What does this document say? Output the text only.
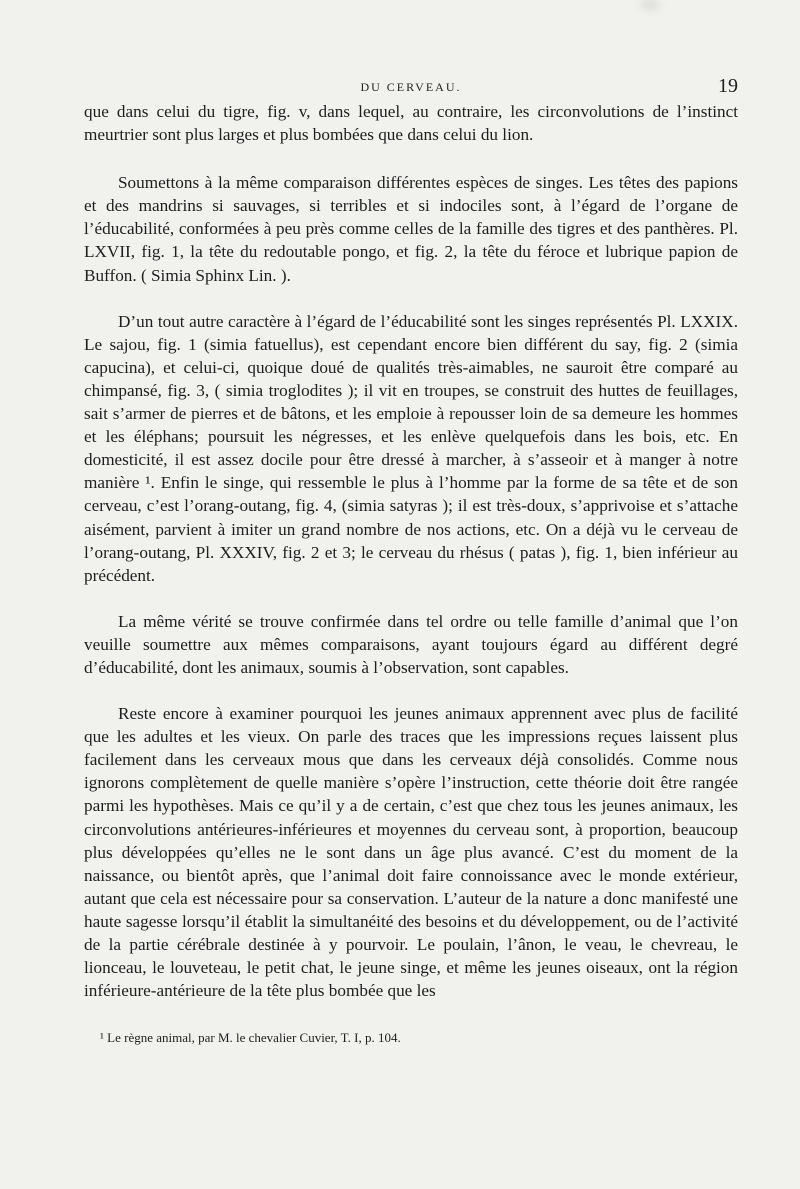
DU CERVEAU.	19

que dans celui du tigre, fig. v, dans lequel, au contraire, les circonvolutions de l’instinct meurtrier sont plus larges et plus bombées que dans celui du lion.

Soumettons à la même comparaison différentes espèces de singes. Les têtes des papions et des mandrins si sauvages, si terribles et si indociles sont, à l’égard de l’organe de l’éducabilité, conformées à peu près comme celles de la famille des tigres et des panthères. Pl. LXVII, fig. 1, la tête du redoutable pongo, et fig. 2, la tête du féroce et lubrique papion de Buffon. ( Simia Sphinx Lin. ).

D’un tout autre caractère à l’égard de l’éducabilité sont les singes représentés Pl. LXXIX. Le sajou, fig. 1 (simia fatuellus), est cependant encore bien différent du say, fig. 2 (simia capucina), et celui-ci, quoique doué de qualités très-aimables, ne sauroit être comparé au chimpansé, fig. 3, ( simia troglodites ); il vit en troupes, se construit des huttes de feuillages, sait s’armer de pierres et de bâtons, et les emploie à repousser loin de sa demeure les hommes et les éléphans; poursuit les négresses, et les enlève quelquefois dans les bois, etc. En domesticité, il est assez docile pour être dressé à marcher, à s’asseoir et à manger à notre manière ¹. Enfin le singe, qui ressemble le plus à l’homme par la forme de sa tête et de son cerveau, c’est l’orang-outang, fig. 4, (simia satyras ); il est très-doux, s’apprivoise et s’attache aisément, parvient à imiter un grand nombre de nos actions, etc. On a déjà vu le cerveau de l’orang-outang, Pl. XXXIV, fig. 2 et 3; le cerveau du rhésus ( patas ), fig. 1, bien inférieur au précédent.

La même vérité se trouve confirmée dans tel ordre ou telle famille d’animal que l’on veuille soumettre aux mêmes comparaisons, ayant toujours égard au différent degré d’éducabilité, dont les animaux, soumis à l’observation, sont capables.

Reste encore à examiner pourquoi les jeunes animaux apprennent avec plus de facilité que les adultes et les vieux. On parle des traces que les impressions reçues laissent plus facilement dans les cerveaux mous que dans les cerveaux déjà consolidés. Comme nous ignorons complètement de quelle manière s’opère l’instruction, cette théorie doit être rangée parmi les hypothèses. Mais ce qu’il y a de certain, c’est que chez tous les jeunes animaux, les circonvolutions antérieures-inférieures et moyennes du cerveau sont, à proportion, beaucoup plus développées qu’elles ne le sont dans un âge plus avancé. C’est du moment de la naissance, ou bientôt après, que l’animal doit faire connoissance avec le monde extérieur, autant que cela est nécessaire pour sa conservation. L’auteur de la nature a donc manifesté une haute sagesse lorsqu’il établit la simultanéité des besoins et du développement, ou de l’activité de la partie cérébrale destinée à y pourvoir. Le poulain, l’ânon, le veau, le chevreau, le lionceau, le louveteau, le petit chat, le jeune singe, et même les jeunes oiseaux, ont la région inférieure-antérieure de la tête plus bombée que les

¹ Le règne animal, par M. le chevalier Cuvier, T. I, p. 104.
